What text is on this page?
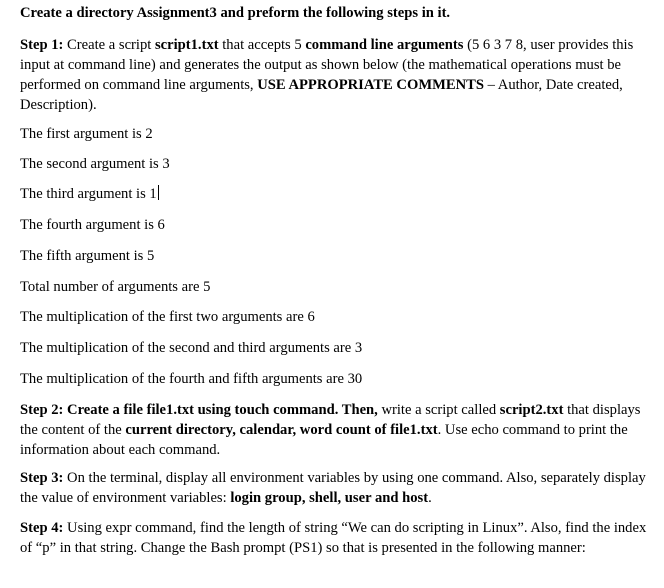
Create a directory Assignment3 and preform the following steps in it.

Step 1: Create a script script1.txt that accepts 5 command line arguments (5 6 3 7 8, user provides this input at command line) and generates the output as shown below (the mathematical operations must be performed on command line arguments, USE APPROPRIATE COMMENTS – Author, Date created, Description).

The first argument is 2

The second argument is 3

The third argument is 1

The fourth argument is 6

The fifth argument is 5

Total number of arguments are 5

The multiplication of the first two arguments are 6

The multiplication of the second and third arguments are 3

The multiplication of the fourth and fifth arguments are 30

Step 2: Create a file file1.txt using touch command. Then, write a script called script2.txt that displays the content of the current directory, calendar, word count of file1.txt. Use echo command to print the information about each command.

Step 3: On the terminal, display all environment variables by using one command. Also, separately display the value of environment variables: login group, shell, user and host.

Step 4: Using expr command, find the length of string “We can do scripting in Linux”. Also, find the index of “p” in that string. Change the Bash prompt (PS1) so that is presented in the following manner:
